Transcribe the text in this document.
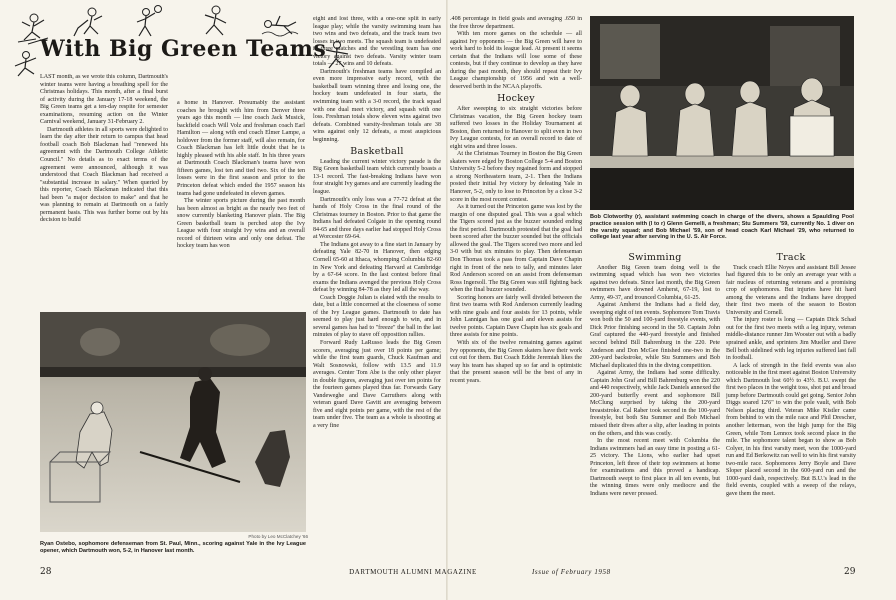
With Big Green Teams

LAST month, as we wrote this column, Dartmouth's winter teams were having a breathing spell for the Christmas holidays. This month, after a final burst of activity during the January 17-18 weekend, the Big Green teams get a ten-day respite for semester examinations, resuming action on the Winter Carnival weekend, January 31-February 2.

Dartmouth athletes in all sports were delighted to learn the day after their return to campus that head football coach Bob Blackman had "renewed his agreement with the Dartmouth College Athletic Council." No details as to exact terms of the agreement were announced, although it was understood that Coach Blackman had received a "substantial increase in salary." When queried by this reporter, Coach Blackman indicated that this had been "a major decision to make" and that he was planning to remain at Dartmouth on a fairly permanent basis. This was further borne out by his decision to build

a home in Hanover. Presumably the assistant coaches he brought with him from Denver three years ago this month — line coach Jack Musick, backfield coach Will Volz and freshman coach Earl Hamilton — along with end coach Elmer Lampe, a holdover from the former staff, will also remain, for Coach Blackman has left little doubt that he is highly pleased with his able staff. In his three years at Dartmouth Coach Blackman's teams have won fifteen games, lost ten and tied two. Six of the ten losses were in the first season and prior to the Princeton defeat which ended the 1957 season his teams had gone undefeated in eleven games.

The winter sports picture during the past month has been almost as bright as the nearly two feet of snow currently blanketing Hanover plain. The Big Green basketball team is perched atop the Ivy League with four straight Ivy wins and an overall record of thirteen wins and only one defeat. The hockey team has won

eight and lost three, with a one-one split in early league play; while the varsity swimming team has two wins and two defeats, and the track team two losses in two meets. The squash team is undefeated in three matches and the wrestling team has one victory against two defeats. Varsity winter team totals — 27 wins and 10 defeats.

Dartmouth's freshman teams have compiled an even more impressive early record, with the basketball team winning three and losing one, the hockey team undefeated in four starts, the swimming team with a 3-0 record, the track squad with one dual meet victory, and squash with one loss. Freshman totals show eleven wins against two defeats. Combined varsity-freshman totals are 38 wins against only 12 defeats, a most auspicious beginning.

Basketball

Leading the current winter victory parade is the Big Green basketball team which currently boasts a 13-1 record. The fast-breaking Indians have won four straight Ivy games and are currently leading the league.

Dartmouth's only loss was a 77-72 defeat at the hands of Holy Cross in the final round of the Christmas tourney in Boston. Prior to that game the Indians had defeated Colgate in the opening round 84-65 and three days earlier had stopped Holy Cross at Worcester 69-64.

The Indians got away to a fine start in January by defeating Yale 82-70 in Hanover, then edging Cornell 65-60 at Ithaca, whomping Columbia 82-60 in New York and defeating Harvard at Cambridge by a 67-64 score. In the last contest before final exams the Indians avenged the previous Holy Cross defeat by winning 84-78 as they led all the way.

Coach Doggie Julian is elated with the results to date, but a little concerned at the closeness of some of the Ivy League games. Dartmouth to date has seemed to play just hard enough to win, and in several games has had to "freeze" the ball in the last minutes of play to stave off opposition rallies.

Forward Rudy LaRusso leads the Big Green scorers, averaging just over 18 points per game; while the first team guards, Chuck Kaufman and Walt Sosnowski, follow with 13.5 and 11.9 averages. Center Tom Abe is the only other player in double figures, averaging just over ten points for the fourteen games played thus far. Forwards Gary Vandeweghe and Dave Carruthers along with veteran guard Dave Gavitt are averaging between five and eight points per game, with the rest of the team under five. The team as a whole is shooting at a very fine

Photo by Leo McClatchey '66
Ryan Ostebo, sophomore defenseman from St. Paul, Minn., scoring against Yale in the Ivy League opener, which Dartmouth won, 5-2, in Hanover last month.
28

.408 percentage in field goals and averaging .650 in the free throw department.

With ten more games on the schedule — all against Ivy opponents — the Big Green will have to work hard to hold its league lead. At present it seems certain that the Indians will lose some of these contests, but if they continue to develop as they have during the past month, they should repeat their Ivy League championship of 1956 and win a well-deserved berth in the NCAA playoffs.

Hockey

After sweeping to six straight victories before Christmas vacation, the Big Green hockey team suffered two losses in the Holiday Tournament at Boston, then returned to Hanover to split even in two Ivy League contests, for an overall record to date of eight wins and three losses.

At the Christmas Tourney in Boston the Big Green skaters were edged by Boston College 5-4 and Boston University 5-2 before they regained form and stopped a strong Northeastern team, 2-1. Then the Indians posted their initial Ivy victory by defeating Yale in Hanover, 5-2, only to lose to Princeton by a close 3-2 score in the most recent contest.

As it turned out the Princeton game was lost by the margin of one disputed goal. This was a goal which the Tigers scored just as the buzzer sounded ending the first period. Dartmouth protested that the goal had been scored after the buzzer sounded but the officials allowed the goal. The Tigers scored two more and led 3-0 with but six minutes to play. Then defenseman Don Thomas took a pass from Captain Dave Chapin right in front of the nets to tally, and minutes later Rod Anderson scored on an assist from defenseman Ross Ingersoll. The Big Green was still fighting back when the final buzzer sounded.

Scoring honors are fairly well divided between the first two teams with Rod Anderson currently leading with nine goals and four assists for 13 points, while John Lannigan has one goal and eleven assists for twelve points. Captain Dave Chapin has six goals and three assists for nine points.

With six of the twelve remaining games against Ivy opponents, the Big Green skaters have their work cut out for them. But Coach Eddie Jeremiah likes the way his team has shaped up so far and is optimistic that the present season will be the best of any in recent years.

Bob Clotworthy (r), assistant swimming coach in charge of the divers, shows a Spaulding Pool practice session with (l to r) Glenn Gemelli, a freshman; Stu Summers '59, currently No. 1 diver on the varsity squad; and Bob Michael '59, son of head coach Karl Michael '29, who returned to college last year after serving in the U. S. Air Force.
Swimming

Another Big Green team doing well is the swimming squad which has won two victories against two defeats. Since last month, the Big Green swimmers have downed Amherst, 67-19, lost to Army, 49-37, and trounced Columbia, 61-25.

Against Amherst the Indians had a field day, sweeping eight of ten events. Sophomore Tom Travis won both the 50 and 100-yard freestyle events, with Dick Prior finishing second in the 50. Captain John Graf captured the 440-yard freestyle and finished second behind Bill Bahrenburg in the 220. Pete Anderson and Don McGee finished one-two in the 200-yard backstroke, while Stu Summers and Bob Michael duplicated this in the diving competition.

Against Army, the Indians had some difficulty. Captain John Graf and Bill Bahrenburg won the 220 and 440 respectively, while Jack Daniels annexed the 200-yard butterfly event and sophomore Bill McClung surprised by taking the 200-yard breaststroke. Cal Raber took second in the 100-yard freestyle, but both Stu Summer and Bob Michael missed their dives after a slip, after leading in points on the others, and this was costly.

In the most recent meet with Columbia the Indians swimmers had an easy time in posting a 61-25 victory. The Lions, who earlier had upset Princeton, left three of their top swimmers at home for examinations and this proved a handicap. Dartmouth swept to first place in all ten events, but the winning times were only mediocre and the Indians were never pressed.

Track

Track coach Ellie Noyes and assistant Bill Jessee had figured this to be only an average year with a fair nucleus of returning veterans and a promising crop of sophomores. But injuries have hit hard among the veterans and the Indians have dropped their first two meets of the season to Boston University and Cornell.

The injury roster is long — Captain Dick Schad out for the first two meets with a leg injury, veteran middle-distance runner Jim Wooster out with a badly sprained ankle, and sprinters Jim Mueller and Dave Bell both sidelined with leg injuries suffered last fall in football.

A lack of strength in the field events was also noticeable in the first meet against Boston University which Dartmouth lost 60½ to 43½. B.U. swept the first two places in the weight toss, shot put and broad jump before Dartmouth could get going. Senior John Diggs soared 12'6" to win the pole vault, with Bob Nelson placing third. Veteran Mike Kistler came from behind to win the mile race and Phil Drescher, another letterman, won the high jump for the Big Green, while Tom Lennox took second place in the mile. The sophomore talent began to show as Bob Colyer, in his first varsity meet, won the 1000-yard run and Ed Berkowitz ran well to win his first varsity two-mile race. Sophomores Jerry Boyle and Dave Sloper placed second in the 600-yard run and the 1000-yard dash, respectively. But B.U.'s lead in the field events, coupled with a sweep of the relays, gave them the meet.

DARTMOUTH ALUMNI MAGAZINE	Issue of February 1958	29
